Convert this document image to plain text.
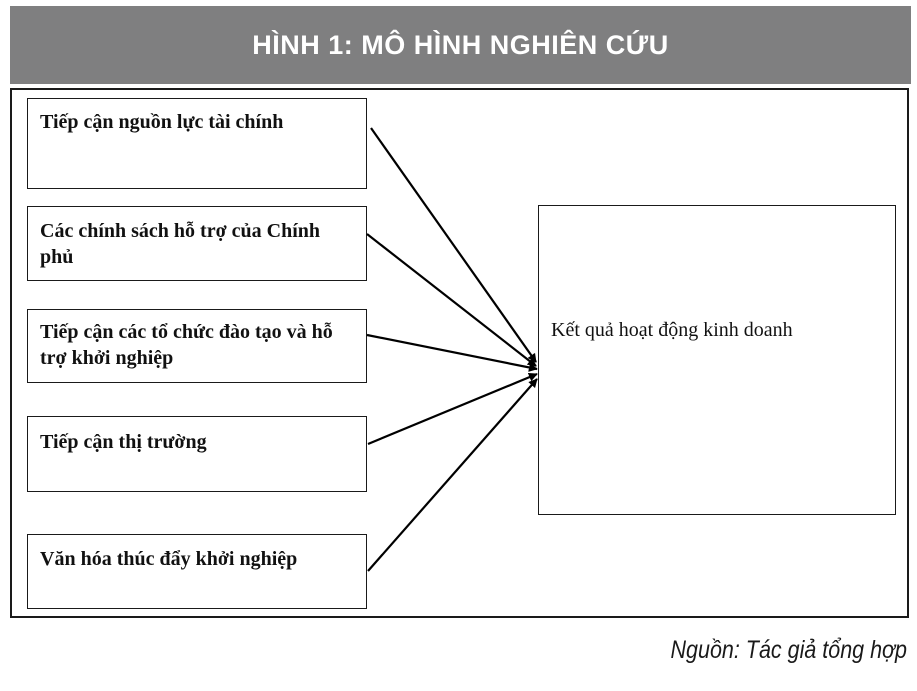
HÌNH 1: MÔ HÌNH NGHIÊN CỨU
Tiếp cận nguồn lực tài chính
Các chính sách hỗ trợ của Chính phủ
Tiếp cận các tổ chức đào tạo và hỗ trợ khởi nghiệp
Tiếp cận thị trường
Văn hóa thúc đẩy khởi nghiệp
Kết quả hoạt động kinh doanh
Nguồn: Tác giả tổng hợp
